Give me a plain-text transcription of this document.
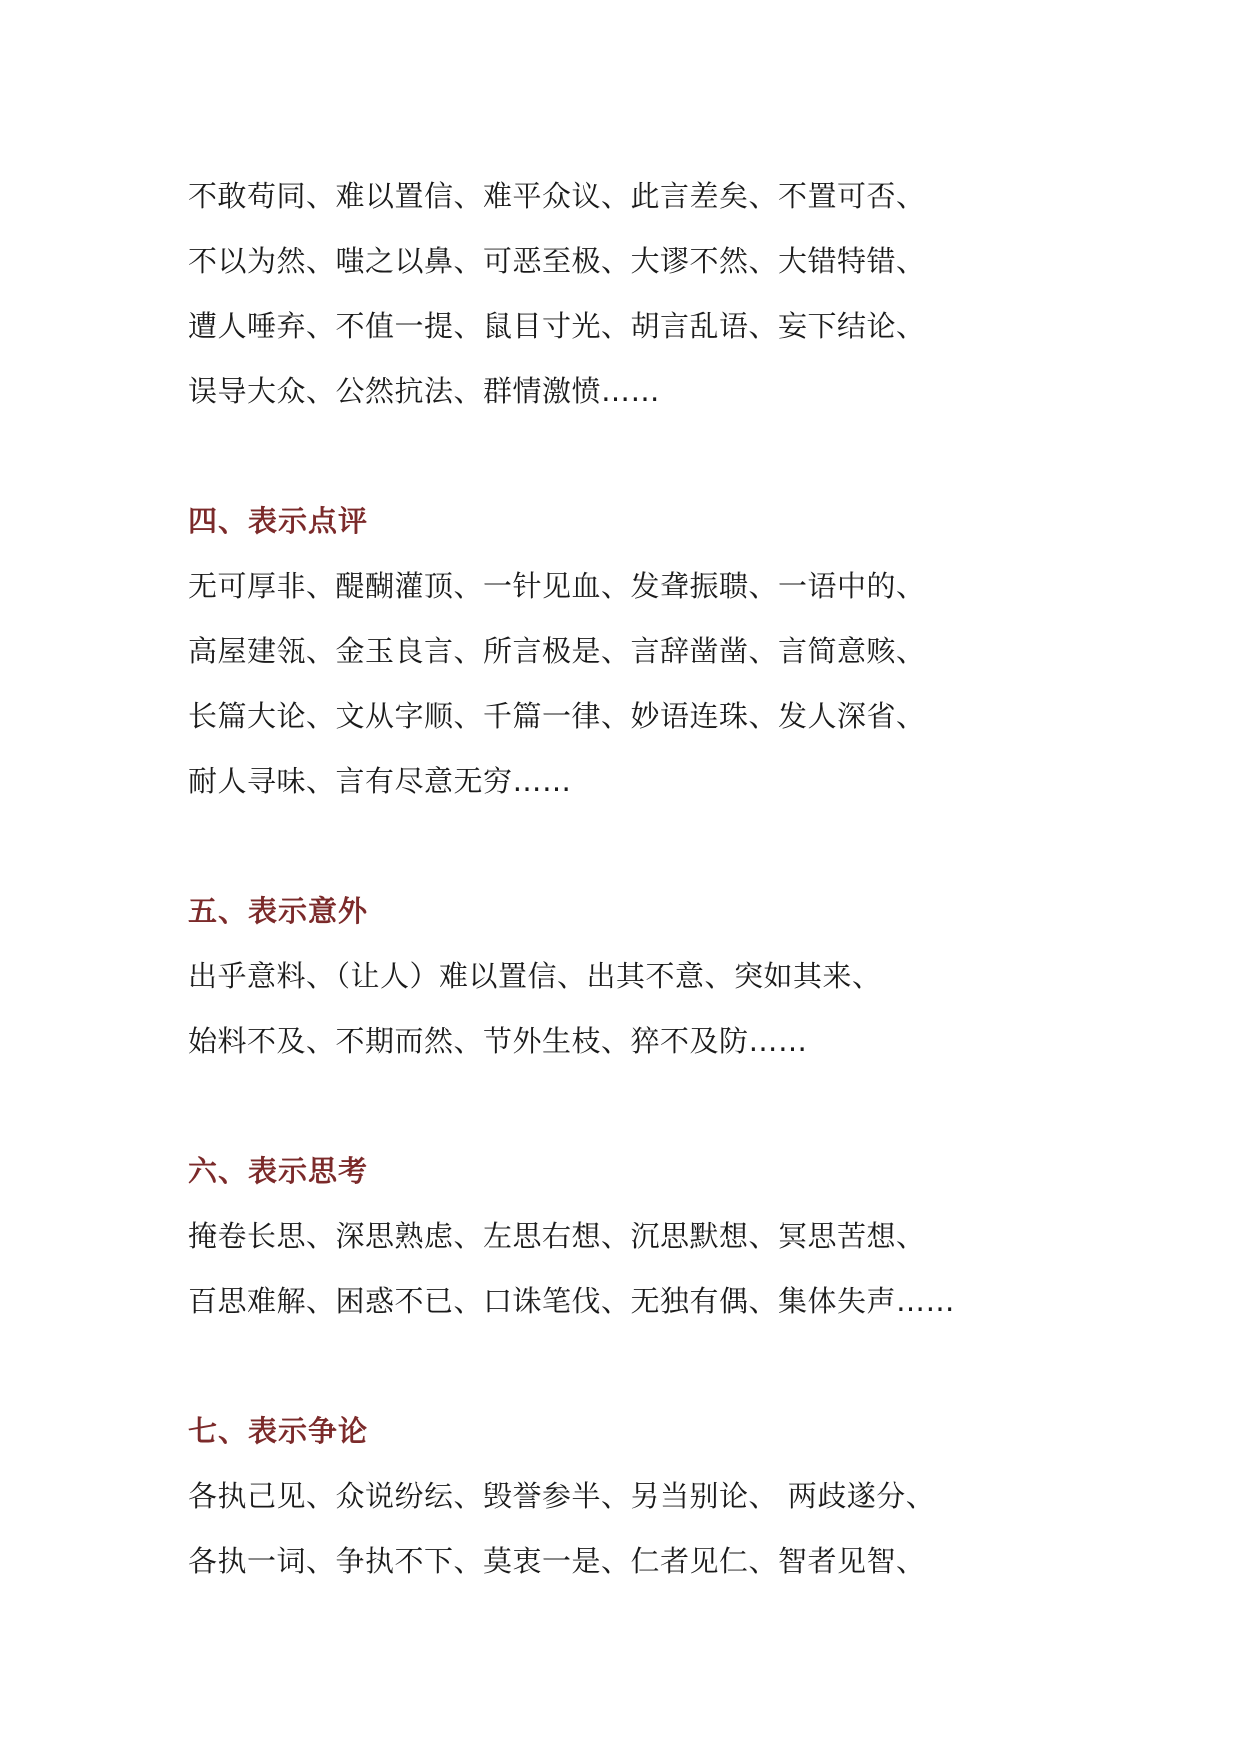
不敢苟同、难以置信、难平众议、此言差矣、不置可否、
不以为然、嗤之以鼻、可恶至极、大谬不然、大错特错、
遭人唾弃、不值一提、鼠目寸光、胡言乱语、妄下结论、
误导大众、公然抗法、群情激愤……
四、表示点评
无可厚非、醍醐灌顶、一针见血、发聋振聩、一语中的、
高屋建瓴、金玉良言、所言极是、言辞凿凿、言简意赅、
长篇大论、文从字顺、千篇一律、妙语连珠、发人深省、
耐人寻味、言有尽意无穷……
五、表示意外
出乎意料、（让人）难以置信、出其不意、突如其来、
始料不及、不期而然、节外生枝、猝不及防……
六、表示思考
掩卷长思、深思熟虑、左思右想、沉思默想、冥思苦想、
百思难解、困惑不已、口诛笔伐、无独有偶、集体失声……
七、表示争论
各执己见、众说纷纭、毁誉参半、另当别论、 两歧遂分、
各执一词、争执不下、莫衷一是、仁者见仁、智者见智、
